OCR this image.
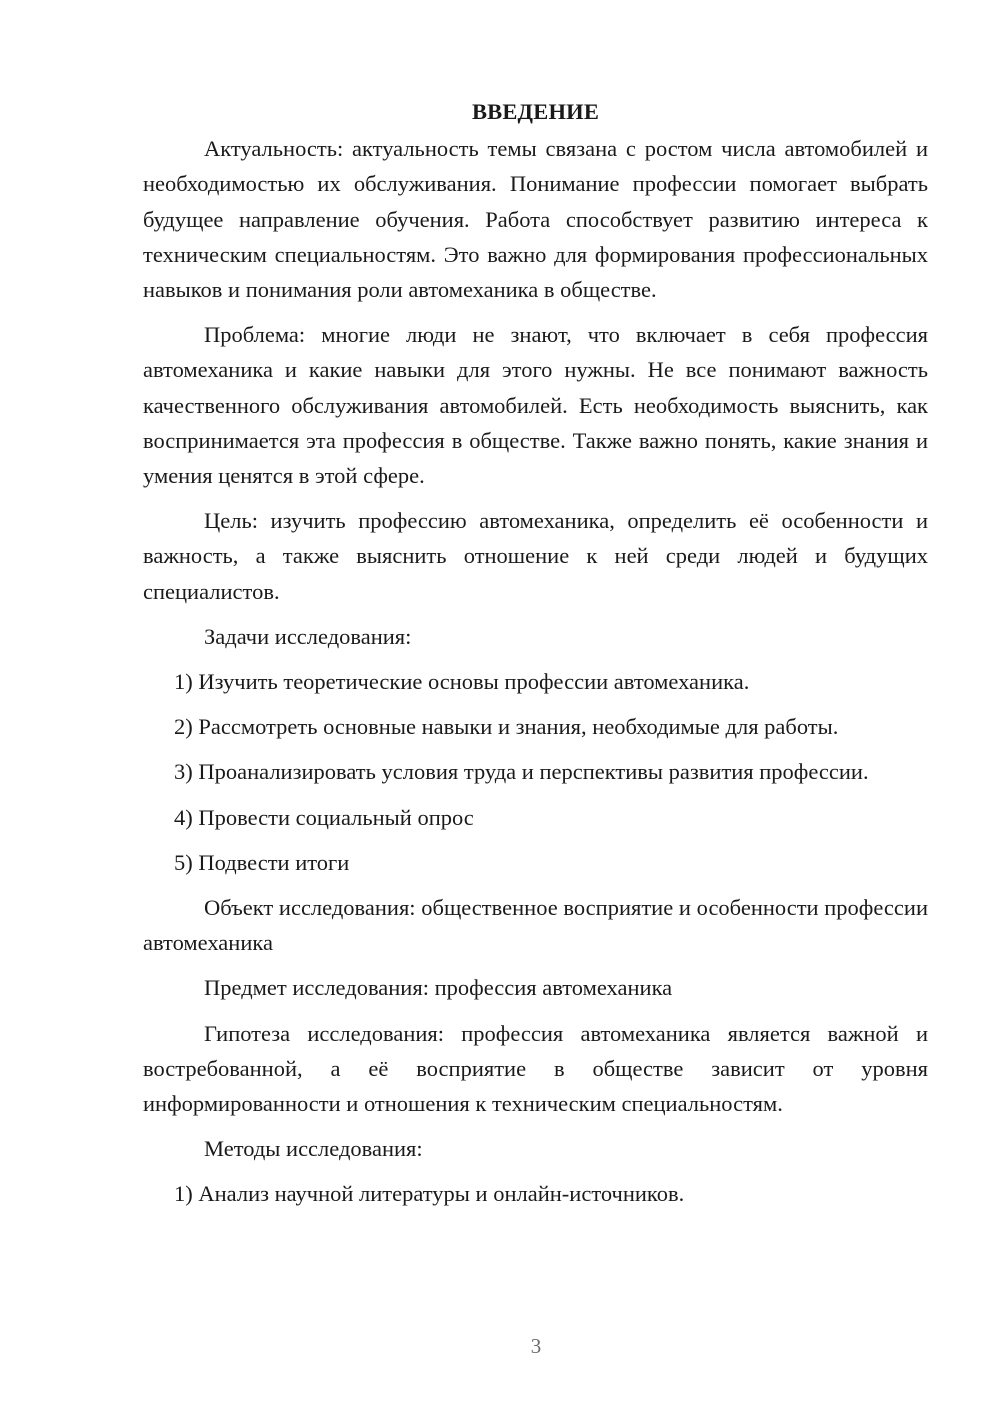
ВВЕДЕНИЕ

Актуальность: актуальность темы связана с ростом числа автомобилей и необходимостью их обслуживания. Понимание профессии помогает выбрать будущее направление обучения. Работа способствует развитию интереса к техническим специальностям. Это важно для формирования профессиональных навыков и понимания роли автомеханика в обществе.

Проблема: многие люди не знают, что включает в себя профессия автомеханика и какие навыки для этого нужны. Не все понимают важность качественного обслуживания автомобилей. Есть необходимость выяснить, как воспринимается эта профессия в обществе. Также важно понять, какие знания и умения ценятся в этой сфере.

Цель: изучить профессию автомеханика, определить её особенности и важность, а также выяснить отношение к ней среди людей и будущих специалистов.

Задачи исследования:

1) Изучить теоретические основы профессии автомеханика.

2) Рассмотреть основные навыки и знания, необходимые для работы.

3) Проанализировать условия труда и перспективы развития профессии.

4) Провести социальный опрос

5) Подвести итоги

Объект исследования: общественное восприятие и особенности профессии автомеханика

Предмет исследования: профессия автомеханика

Гипотеза исследования: профессия автомеханика является важной и востребованной, а её восприятие в обществе зависит от уровня информированности и отношения к техническим специальностям.

Методы исследования:

1) Анализ научной литературы и онлайн-источников.

3
